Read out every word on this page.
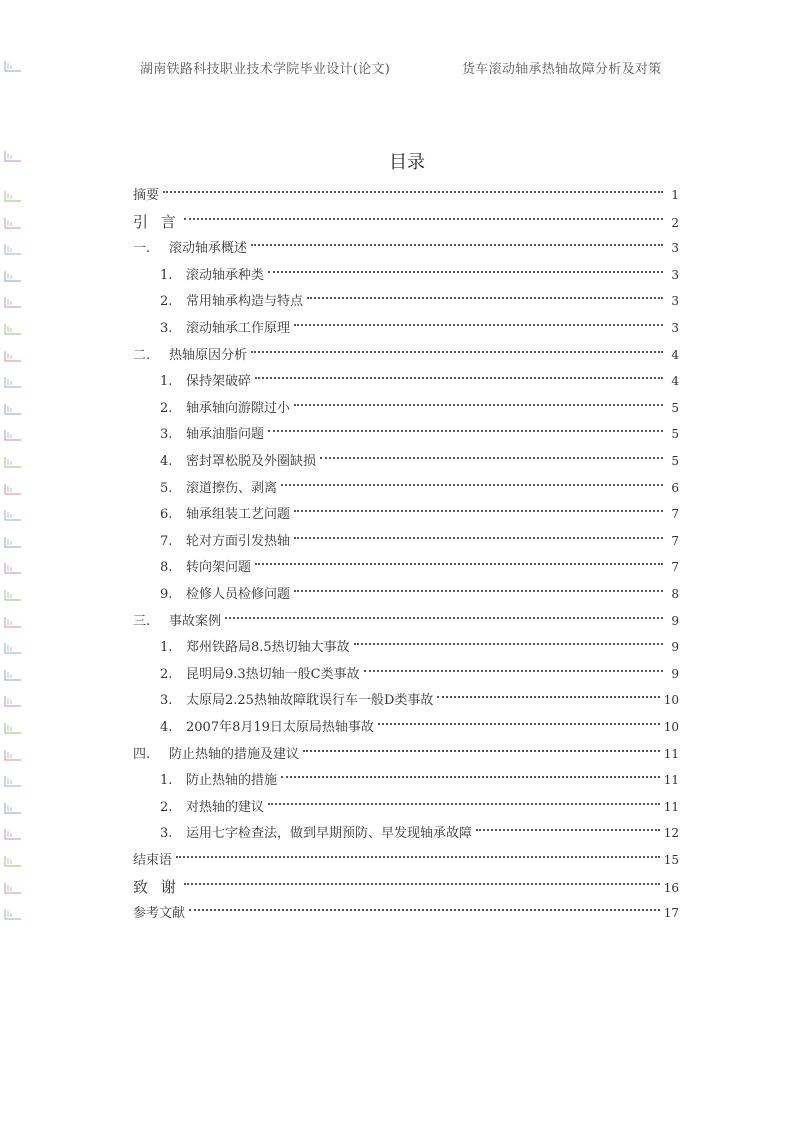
湖南铁路科技职业技术学院毕业设计(论文)	货车滚动轴承热轴故障分析及对策
目录
摘要	1
引 言	2
一.	滚动轴承概述	3
1.	滚动轴承种类	3
2.	常用轴承构造与特点	3
3.	滚动轴承工作原理	3
二.	热轴原因分析	4
1.	保持架破碎	4
2.	轴承轴向游隙过小	5
3.	轴承油脂问题	5
4.	密封罩松脱及外圈缺损	5
5.	滚道擦伤、剥离	6
6.	轴承组装工艺问题	7
7.	轮对方面引发热轴	7
8.	转向架问题	7
9.	检修人员检修问题	8
三.	事故案例	9
1.	郑州铁路局8.5热切轴大事故	9
2.	昆明局9.3热切轴一般C类事故	9
3.	太原局2.25热轴故障耽误行车一般D类事故	10
4.	2007年8月19日太原局热轴事故	10
四.	防止热轴的措施及建议	11
1.	防止热轴的措施	11
2.	对热轴的建议	11
3.	运用七字检查法，做到早期预防、早发现轴承故障	12
结束语	15
致 谢	16
参考文献	17
